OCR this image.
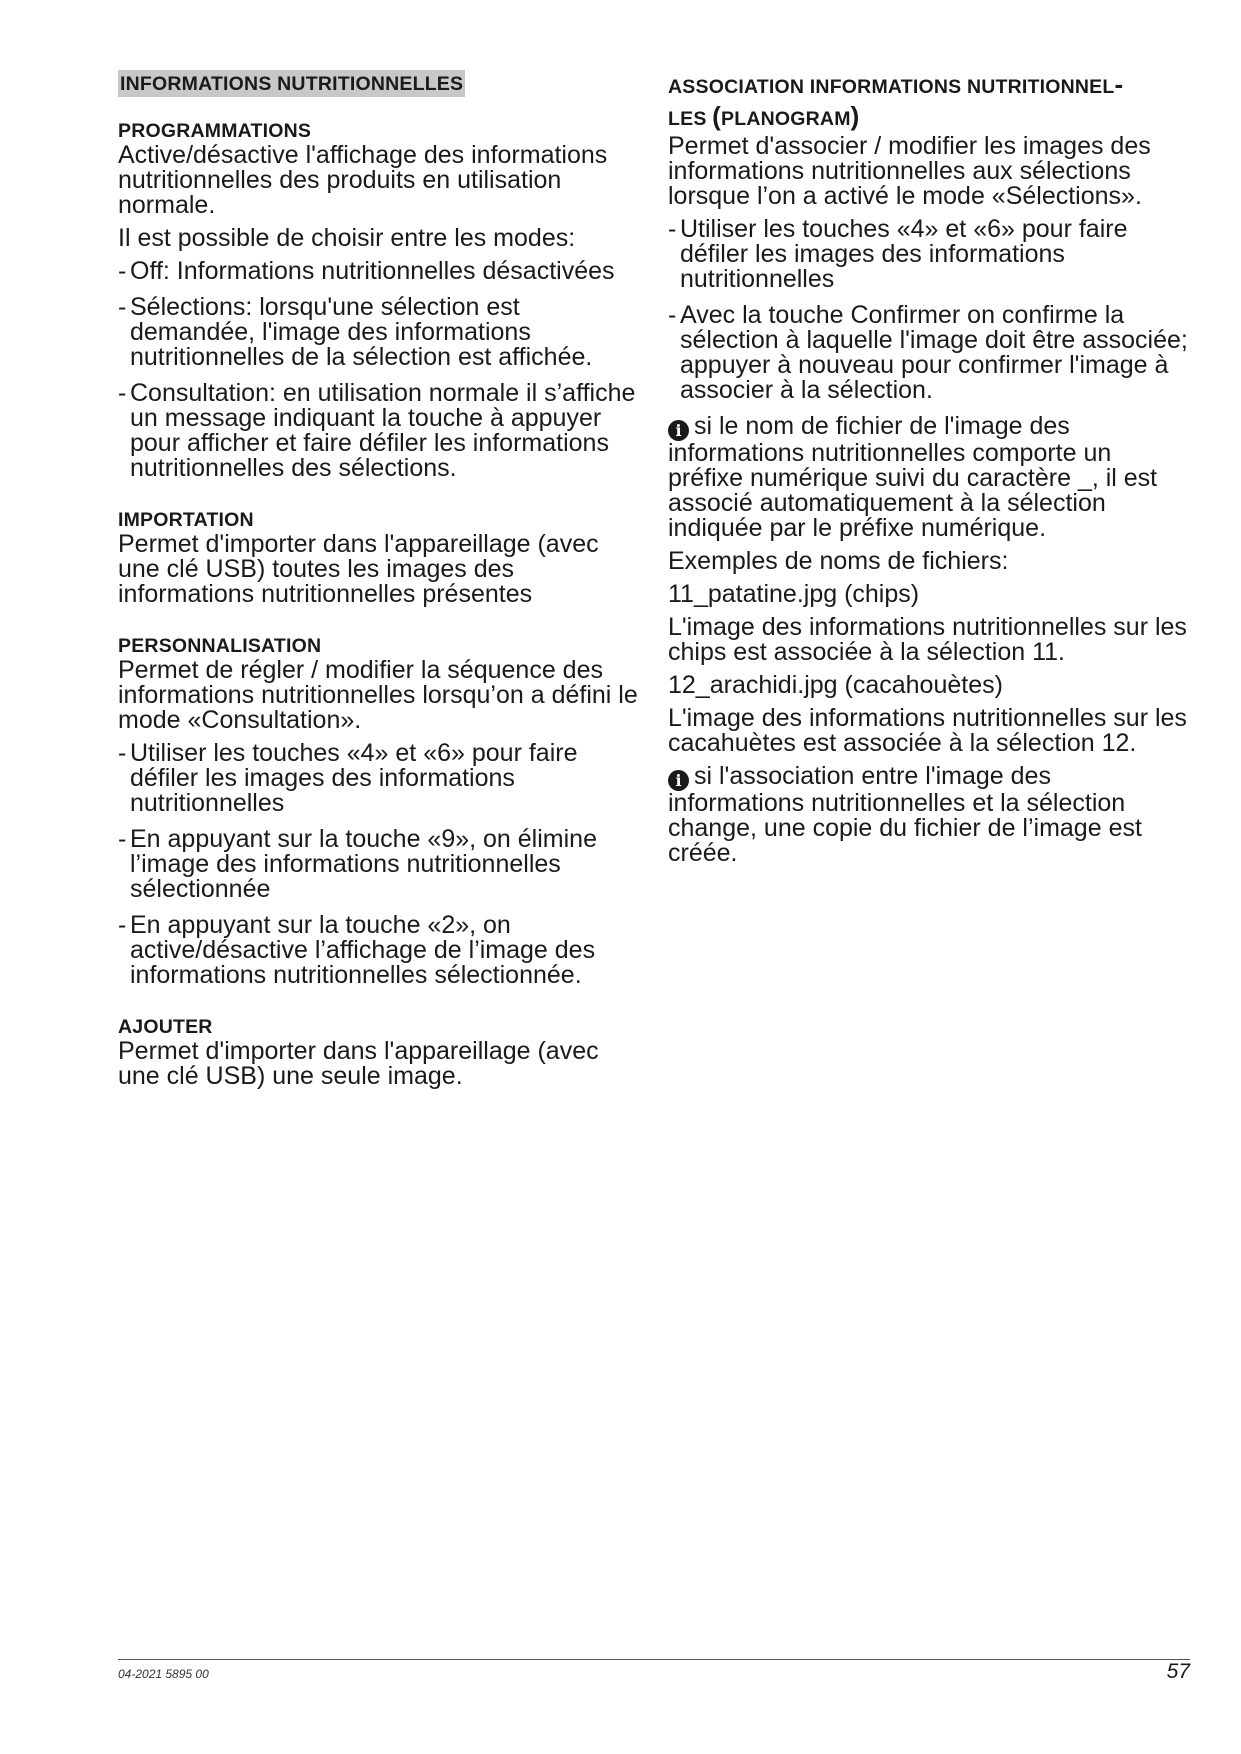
INFORMATIONS NUTRITIONNELLES
PROGRAMMATIONS

Active/désactive l'affichage des informations nutritionnelles des produits en utilisation normale.

Il est possible de choisir entre les modes:

- Off: Informations nutritionnelles désactivées
- Sélections: lorsqu'une sélection est demandée, l'image des informations nutritionnelles de la sélection est affichée.
- Consultation: en utilisation normale il s’affiche un message indiquant la touche à appuyer pour afficher et faire défiler les informations nutritionnelles des sélections.
IMPORTATION

Permet d'importer dans l'appareillage (avec une clé USB) toutes les images des informations nutritionnelles présentes

PERSONNALISATION

Permet de régler / modifier la séquence des informations nutritionnelles lorsqu’on a défini le mode «Consultation».

- Utiliser les touches «4» et «6» pour faire défiler les images des informations nutritionnelles
- En appuyant sur la touche «9», on élimine l’image des informations nutritionnelles sélectionnée
- En appuyant sur la touche «2», on active/désactive l’affichage de l’image des informations nutritionnelles sélectionnée.
AJOUTER

Permet d'importer dans l'appareillage (avec une clé USB) une seule image.

ASSOCIATION INFORMATIONS NUTRITIONNEL-
LES (PLANOGRAM)

Permet d'associer / modifier les images des informations nutritionnelles aux sélections lorsque l’on a activé le mode «Sélections».

- Utiliser les touches «4» et «6» pour faire défiler les images des informations nutritionnelles
- Avec la touche Confirmer on confirme la sélection à laquelle l'image doit être associée; appuyer à nouveau pour confirmer l'image à associer à la sélection.

i si le nom de fichier de l'image des informations nutritionnelles comporte un préfixe numérique suivi du caractère _, il est associé automatiquement à la sélection indiquée par le préfixe numérique.

Exemples de noms de fichiers:

11_patatine.jpg (chips)

L'image des informations nutritionnelles sur les chips est associée à la sélection 11.

12_arachidi.jpg (cacahouètes)

L'image des informations nutritionnelles sur les cacahuètes est associée à la sélection 12.

i si l'association entre l'image des informations nutritionnelles et la sélection change, une copie du fichier de l’image est créée.

04-2021 5895 00	57
